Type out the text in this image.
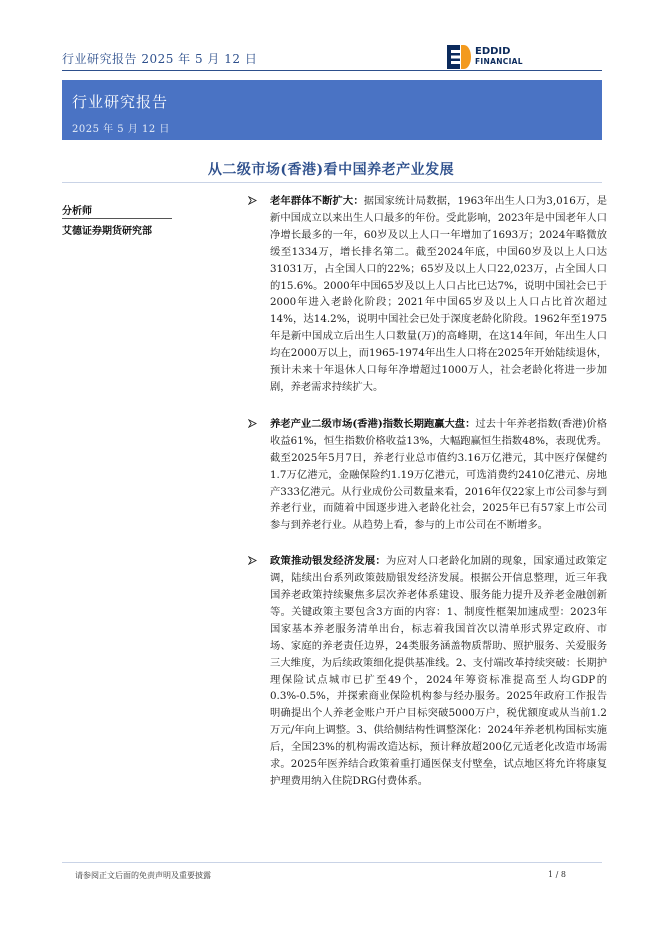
行业研究报告 2025 年 5 月 12 日
EDDID
FINANCIAL
行业研究报告
2025 年 5 月 12 日
从二级市场(香港)看中国养老产业发展
分析师
艾德证券期货研究部
老年群体不断扩大：据国家统计局数据，1963年出生人口为3,016万，是新中国成立以来出生人口最多的年份。受此影响，2023年是中国老年人口净增长最多的一年，60岁及以上人口一年增加了1693万；2024年略微放缓至1334万，增长排名第二。截至2024年底，中国60岁及以上人口达31031万，占全国人口的22%；65岁及以上人口22,023万，占全国人口的15.6%。2000年中国65岁及以上人口占比已达7%，说明中国社会已于2000年进入老龄化阶段；2021年中国65岁及以上人口占比首次超过14%，达14.2%，说明中国社会已处于深度老龄化阶段。1962年至1975年是新中国成立后出生人口数量(万)的高峰期，在这14年间，年出生人口均在2000万以上，而1965-1974年出生人口将在2025年开始陆续退休，预计未来十年退休人口每年净增超过1000万人，社会老龄化将进一步加剧，养老需求持续扩大。
养老产业二级市场(香港)指数长期跑赢大盘：过去十年养老指数(香港)价格收益61%，恒生指数价格收益13%，大幅跑赢恒生指数48%，表现优秀。截至2025年5月7日，养老行业总市值约3.16万亿港元，其中医疗保健约1.7万亿港元，金融保险约1.19万亿港元，可选消费约2410亿港元、房地产333亿港元。从行业成份公司数量来看，2016年仅22家上市公司参与到养老行业，而随着中国逐步进入老龄化社会，2025年已有57家上市公司参与到养老行业。从趋势上看，参与的上市公司在不断增多。
政策推动银发经济发展：为应对人口老龄化加剧的现象，国家通过政策定调，陆续出台系列政策鼓励银发经济发展。根据公开信息整理，近三年我国养老政策持续聚焦多层次养老体系建设、服务能力提升及养老金融创新等。关键政策主要包含3方面的内容：1、制度性框架加速成型：2023年国家基本养老服务清单出台，标志着我国首次以清单形式界定政府、市场、家庭的养老责任边界，24类服务涵盖物质帮助、照护服务、关爱服务三大维度，为后续政策细化提供基准线。2、支付端改革持续突破：长期护理保险试点城市已扩至49个，2024年筹资标准提高至人均GDP的0.3%-0.5%，并探索商业保险机构参与经办服务。2025年政府工作报告明确提出个人养老金账户开户目标突破5000万户，税优额度或从当前1.2万元/年向上调整。3、供给侧结构性调整深化：2024年养老机构国标实施后，全国23%的机构需改造达标，预计释放超200亿元适老化改造市场需求。2025年医养结合政策着重打通医保支付壁垒，试点地区将允许将康复护理费用纳入住院DRG付费体系。
请参阅正文后面的免责声明及重要披露	1 / 8
